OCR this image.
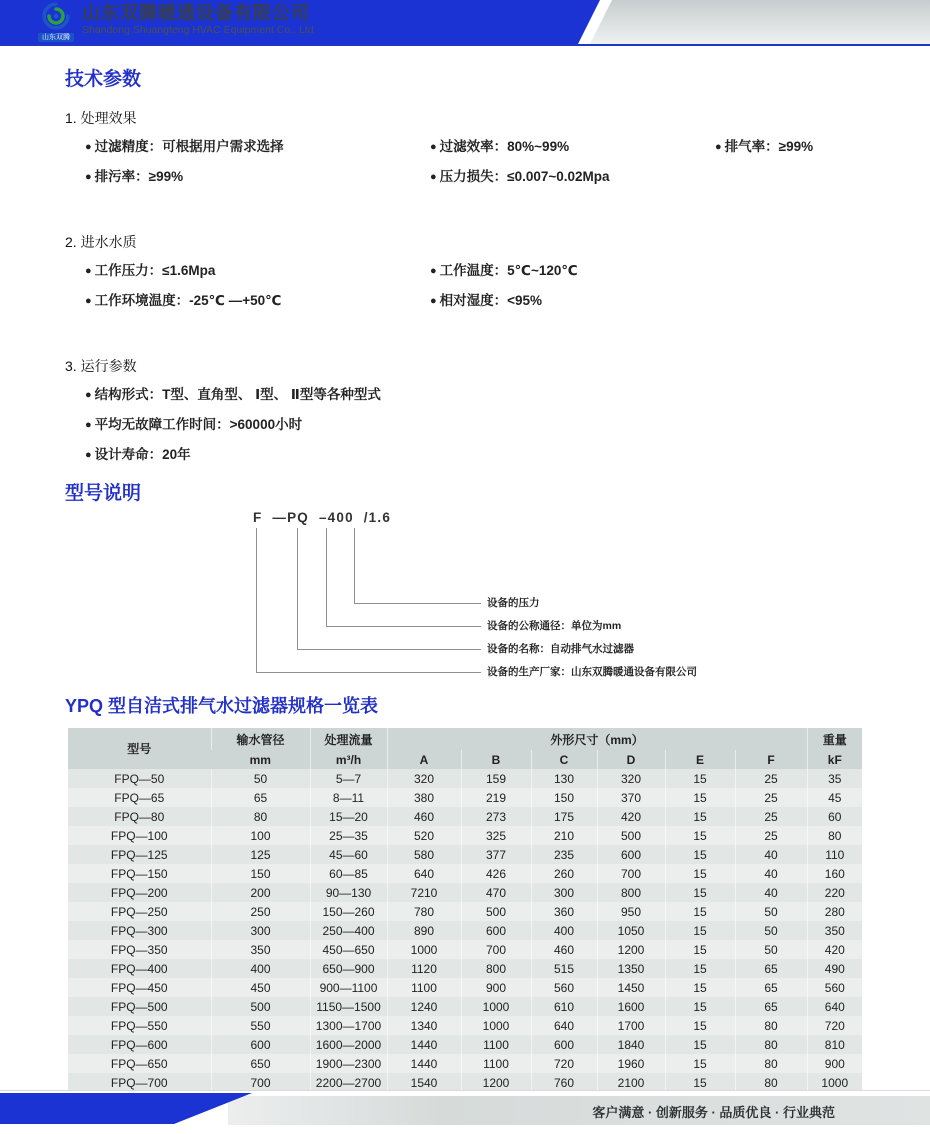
山东双腾
山东双腾暖通设备有限公司
Shandong Shuangteng HVAC Equipment Co., Ltd
技术参数
1. 处理效果
● 过滤精度：可根据用户需求选择	● 过滤效率：80%~99%	● 排气率：≥99%
● 排污率：≥99%	● 压力损失：≤0.007~0.02Mpa
2. 进水水质
● 工作压力：≤1.6Mpa	● 工作温度：5℃~120℃
● 工作环境温度：-25℃ —+50℃	● 相对湿度：<95%
3. 运行参数
● 结构形式：T型、直角型、 Ⅰ型、 Ⅱ型等各种型式
● 平均无故障工作时间：>60000小时
● 设计寿命：20年
型号说明
F —PQ –400 /1.6
设备的压力
设备的公称通径：单位为mm
设备的名称：自动排气水过滤器
设备的生产厂家：山东双腾暖通设备有限公司
YPQ 型自洁式排气水过滤器规格一览表
型号	输水管径	处理流量	外形尺寸（mm）						重量
	mm	m³/h	A	B	C	D	E	F	kF
FPQ—50	50	5—7	320	159	130	320	15	25	35
FPQ—65	65	8—11	380	219	150	370	15	25	45
FPQ—80	80	15—20	460	273	175	420	15	25	60
FPQ—100	100	25—35	520	325	210	500	15	25	80
FPQ—125	125	45—60	580	377	235	600	15	40	110
FPQ—150	150	60—85	640	426	260	700	15	40	160
FPQ—200	200	90—130	7210	470	300	800	15	40	220
FPQ—250	250	150—260	780	500	360	950	15	50	280
FPQ—300	300	250—400	890	600	400	1050	15	50	350
FPQ—350	350	450—650	1000	700	460	1200	15	50	420
FPQ—400	400	650—900	1120	800	515	1350	15	65	490
FPQ—450	450	900—1100	1100	900	560	1450	15	65	560
FPQ—500	500	1150—1500	1240	1000	610	1600	15	65	640
FPQ—550	550	1300—1700	1340	1000	640	1700	15	80	720
FPQ—600	600	1600—2000	1440	1100	600	1840	15	80	810
FPQ—650	650	1900—2300	1440	1100	720	1960	15	80	900
FPQ—700	700	2200—2700	1540	1200	760	2100	15	80	1000
客户满意 · 创新服务 · 品质优良 · 行业典范
